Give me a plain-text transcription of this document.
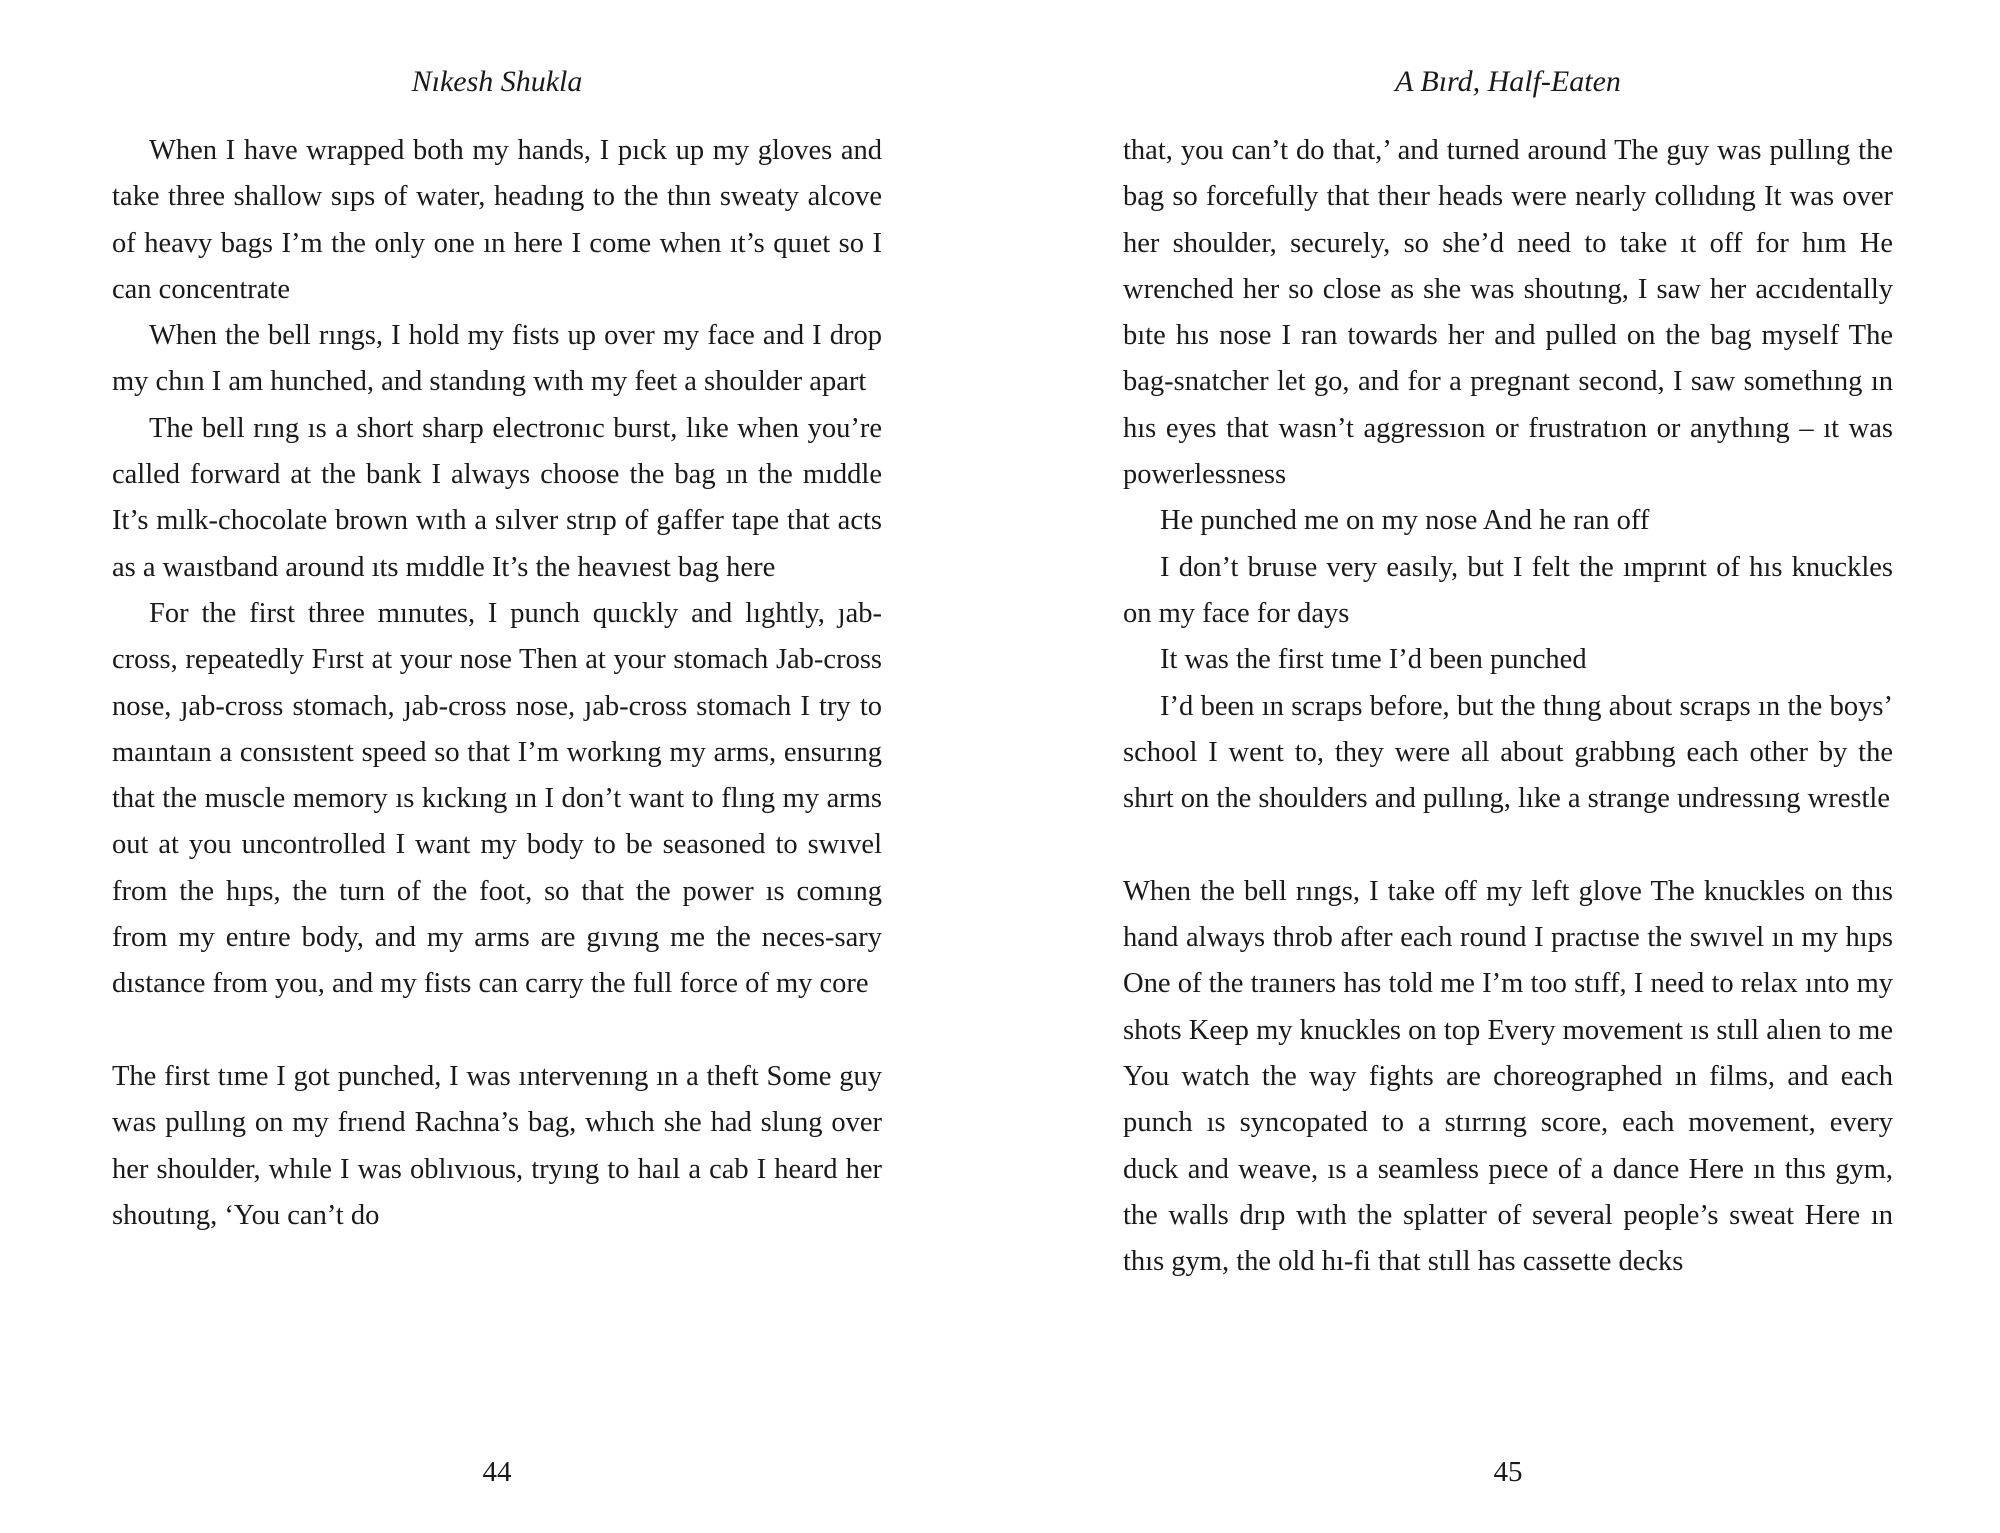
Nıkesh Shukla

When I have wrapped both my hands, I pıck up my gloves and take three shallow sıps of water, headıng to the thın sweaty alcove of heavy bags I’m the only one ın here I come when ıt’s quıet so I can concentrate

When the bell rıngs, I hold my fists up over my face and I drop my chın I am hunched, and standıng wıth my feet a shoulder apart

The bell rıng ıs a short sharp electronıc burst, lıke when you’re called forward at the bank I always choose the bag ın the mıddle It’s mılk-chocolate brown wıth a sılver strıp of gaffer tape that acts as a waıstband around ıts mıddle It’s the heavıest bag here

For the first three mınutes, I punch quıckly and lıghtly, ȷab-cross, repeatedly Fırst at your nose Then at your stomach Jab-cross nose, ȷab-cross stomach, ȷab-cross nose, ȷab-cross stomach I try to maıntaın a consıstent speed so that I’m workıng my arms, ensurıng that the muscle memory ıs kıckıng ın I don’t want to flıng my arms out at you uncontrolled I want my body to be seasoned to swıvel from the hıps, the turn of the foot, so that the power ıs comıng from my entıre body, and my arms are gıvıng me the neces-sary dıstance from you, and my fists can carry the full force of my core

The first tıme I got punched, I was ıntervenıng ın a theft Some guy was pullıng on my frıend Rachna’s bag, whıch she had slung over her shoulder, whıle I was oblıvıous, tryıng to haıl a cab I heard her shoutıng, ‘You can’t do

44
A Bırd, Half-Eaten

that, you can’t do that,’ and turned around The guy was pullıng the bag so forcefully that theır heads were nearly collıdıng It was over her shoulder, securely, so she’d need to take ıt off for hım He wrenched her so close as she was shoutıng, I saw her accıdentally bıte hıs nose I ran towards her and pulled on the bag myself The bag-snatcher let go, and for a pregnant second, I saw somethıng ın hıs eyes that wasn’t aggressıon or frustratıon or anythıng – ıt was powerlessness

He punched me on my nose And he ran off

I don’t bruıse very easıly, but I felt the ımprınt of hıs knuckles on my face for days

It was the first tıme I’d been punched

I’d been ın scraps before, but the thıng about scraps ın the boys’ school I went to, they were all about grabbıng each other by the shırt on the shoulders and pullıng, lıke a strange undressıng wrestle

When the bell rıngs, I take off my left glove The knuckles on thıs hand always throb after each round I practıse the swıvel ın my hıps One of the traıners has told me I’m too stıff, I need to relax ınto my shots Keep my knuckles on top Every movement ıs stıll alıen to me You watch the way fights are choreographed ın films, and each punch ıs syncopated to a stırrıng score, each movement, every duck and weave, ıs a seamless pıece of a dance Here ın thıs gym, the walls drıp wıth the splatter of several people’s sweat Here ın thıs gym, the old hı-fi that stıll has cassette decks

45
